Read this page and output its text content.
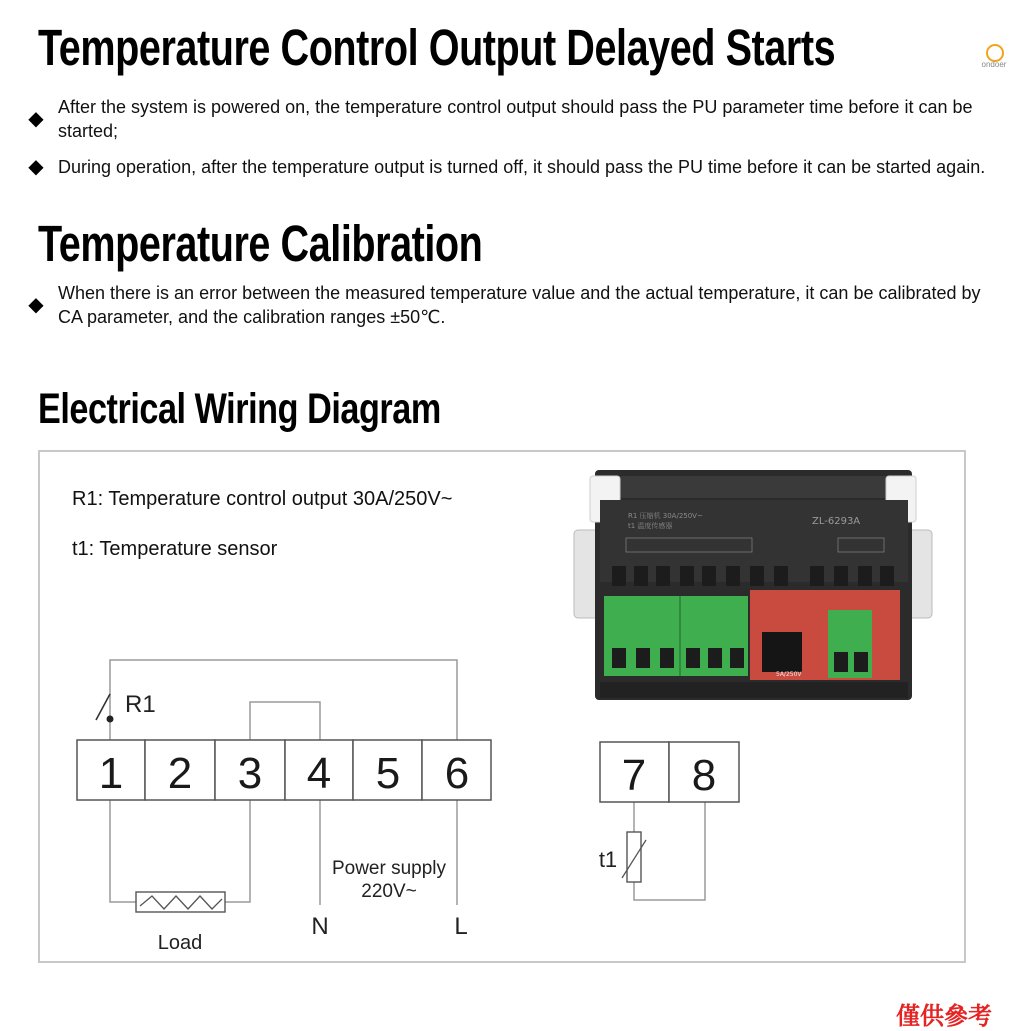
Temperature Control Output Delayed Starts
◆
After the system is powered on, the temperature control output should pass the PU parameter time before it can be started;
◆ During operation, after the temperature output is turned off, it should pass the PU time before it can be started again.
Temperature Calibration
◆
When there is an error between the measured temperature value and the actual temperature, it can be calibrated by CA parameter, and the calibration ranges ±50℃.
Electrical Wiring Diagram
R1: Temperature control output 30A/250V~
t1: Temperature sensor
R1
1 2 3 4 5 6	7 8
Load
Power supply
220V~
N	L
t1
R1 压缩机 30A/250V~
t1 温度传感器	ZL-6293A
5A/250V
ondoer
僅供參考
